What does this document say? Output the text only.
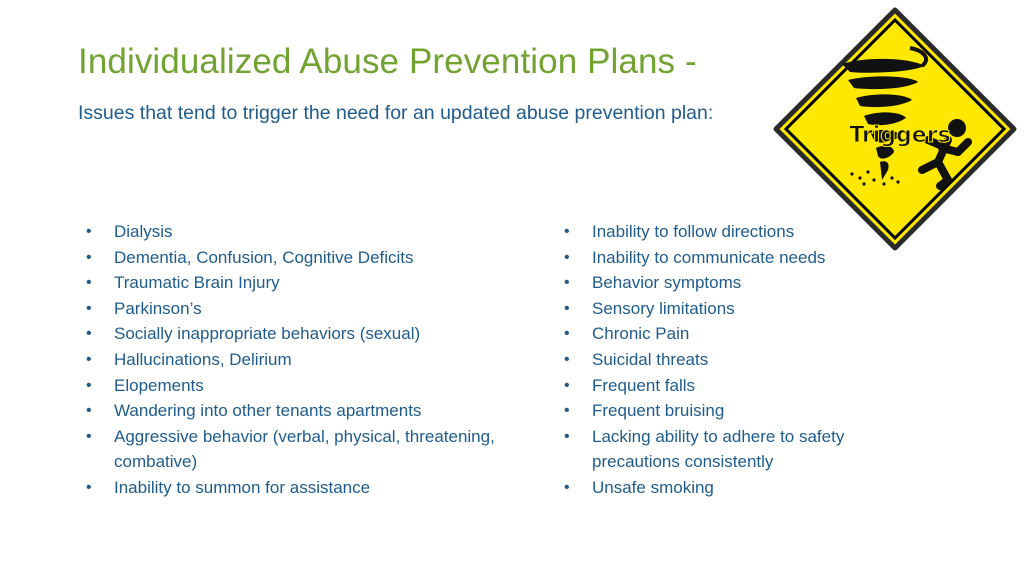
Individualized Abuse Prevention Plans -
Issues that tend to trigger the need for an updated abuse prevention plan:
• Dialysis
• Dementia, Confusion, Cognitive Deficits
• Traumatic Brain Injury
• Parkinson’s
• Socially inappropriate behaviors (sexual)
• Hallucinations, Delirium
• Elopements
• Wandering into other tenants apartments
• Aggressive behavior (verbal, physical, threatening, combative)
• Inability to summon for assistance
• Inability to follow directions
• Inability to communicate needs
• Behavior symptoms
• Sensory limitations
• Chronic Pain
• Suicidal threats
• Frequent falls
• Frequent bruising
• Lacking ability to adhere to safety precautions consistently
• Unsafe smoking
Triggers
